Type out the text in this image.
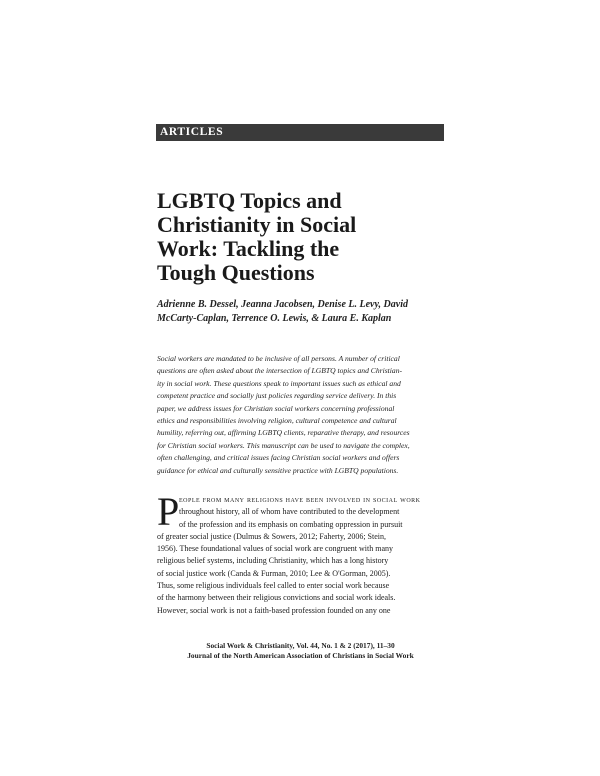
ARTICLES
LGBTQ Topics and
Christianity in Social
Work: Tackling the
Tough Questions
Adrienne B. Dessel, Jeanna Jacobsen, Denise L. Levy, David
McCarty-Caplan, Terrence O. Lewis, & Laura E. Kaplan
Social workers are mandated to be inclusive of all persons. A number of critical
questions are often asked about the intersection of LGBTQ topics and Christian-
ity in social work. These questions speak to important issues such as ethical and
competent practice and socially just policies regarding service delivery. In this
paper, we address issues for Christian social workers concerning professional
ethics and responsibilities involving religion, cultural competence and cultural
humility, referring out, affirming LGBTQ clients, reparative therapy, and resources
for Christian social workers. This manuscript can be used to navigate the complex,
often challenging, and critical issues facing Christian social workers and offers
guidance for ethical and culturally sensitive practice with LGBTQ populations.
P eople from many religions have been involved in social work
throughout history, all of whom have contributed to the development
of the profession and its emphasis on combating oppression in pursuit
of greater social justice (Dulmus & Sowers, 2012; Faherty, 2006; Stein,
1956). These foundational values of social work are congruent with many
religious belief systems, including Christianity, which has a long history
of social justice work (Canda & Furman, 2010; Lee & O'Gorman, 2005).
Thus, some religious individuals feel called to enter social work because
of the harmony between their religious convictions and social work ideals.
However, social work is not a faith-based profession founded on any one
Social Work & Christianity, Vol. 44, No. 1 & 2 (2017), 11–30
Journal of the North American Association of Christians in Social Work
